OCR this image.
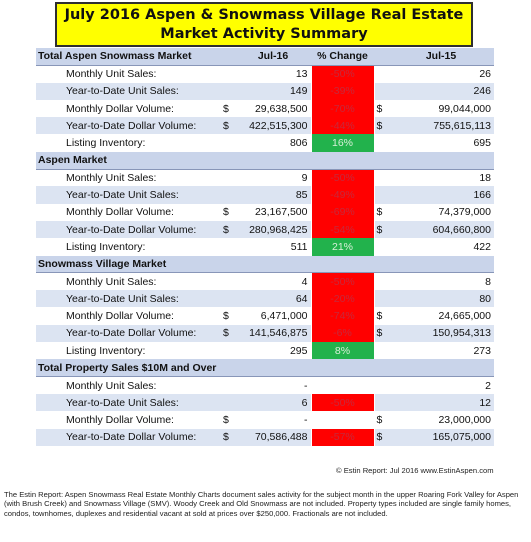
July 2016 Aspen & Snowmass Village Real Estate
Market Activity Summary
Total Aspen Snowmass Market		Jul-16	% Change		Jul-15
Monthly Unit Sales:		13	-50%		26
Year-to-Date Unit Sales:		149	-39%		246
Monthly Dollar Volume:	$	29,638,500	-70%	$	99,044,000
Year-to-Date Dollar Volume:	$	422,515,300	-44%	$	755,615,113
Listing Inventory:		806	16%		695
Aspen Market					
Monthly Unit Sales:		9	-50%		18
Year-to-Date Unit Sales:		85	-49%		166
Monthly Dollar Volume:	$	23,167,500	-69%	$	74,379,000
Year-to-Date Dollar Volume:	$	280,968,425	-54%	$	604,660,800
Listing Inventory:		511	21%		422
Snowmass Village Market					
Monthly Unit Sales:		4	-50%		8
Year-to-Date Unit Sales:		64	-20%		80
Monthly Dollar Volume:	$	6,471,000	-74%	$	24,665,000
Year-to-Date Dollar Volume:	$	141,546,875	-6%	$	150,954,313
Listing Inventory:		295	8%		273
Total Property Sales $10M and Over					
Monthly Unit Sales:		-			2
Year-to-Date Unit Sales:		6	-50%		12
Monthly Dollar Volume:	$	-		$	23,000,000
Year-to-Date Dollar Volume:	$	70,586,488	-57%	$	165,075,000
© Estin Report: Jul 2016 www.EstinAspen.com
The Estin Report: Aspen Snowmass Real Estate Monthly Charts document sales activity for the subject month in the upper Roaring Fork Valley for Aspen (with Brush Creek) and Snowmass Village (SMV). Woody Creek and Old Snowmass are not included. Property types included are single family homes, condos, townhomes, duplexes and residential vacant at sold at prices over $250,000. Fractionals are not included.
